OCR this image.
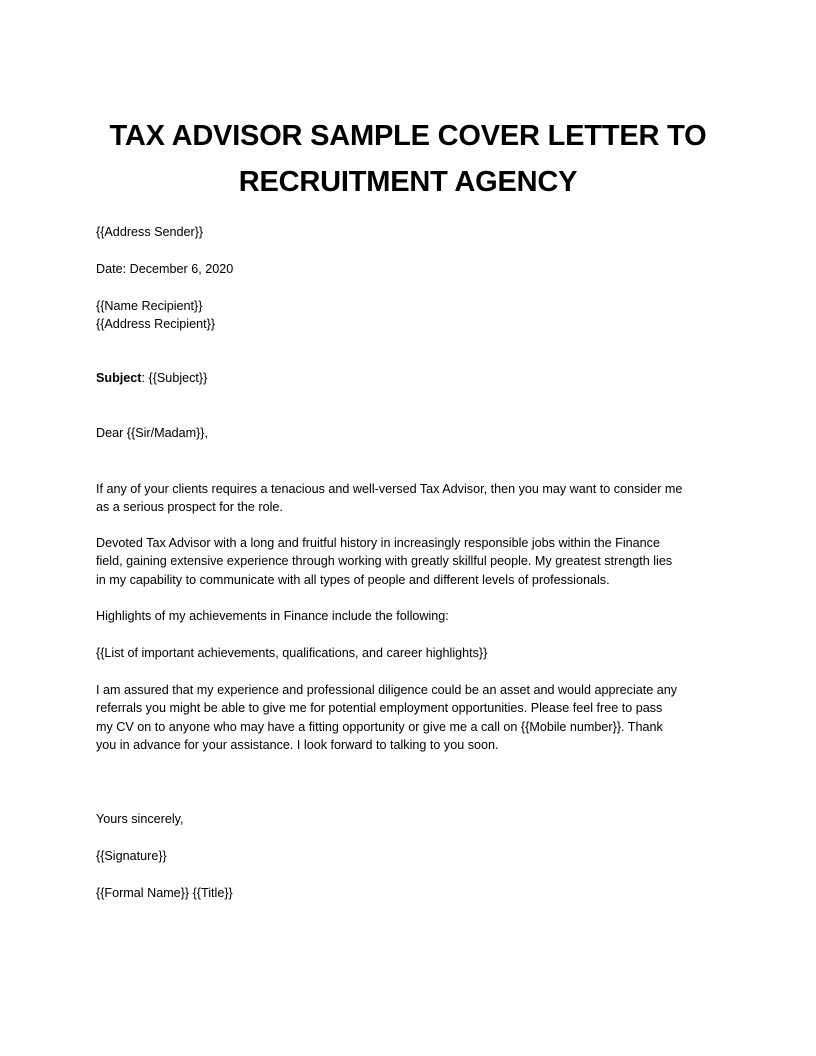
TAX ADVISOR SAMPLE COVER LETTER TO
RECRUITMENT AGENCY
{{Address Sender}}
Date: December 6, 2020
{{Name Recipient}}
{{Address Recipient}}
Subject: {{Subject}}
Dear {{Sir/Madam}},
If any of your clients requires a tenacious and well-versed Tax Advisor, then you may want to consider me
as a serious prospect for the role.
Devoted Tax Advisor with a long and fruitful history in increasingly responsible jobs within the Finance
field, gaining extensive experience through working with greatly skillful people. My greatest strength lies
in my capability to communicate with all types of people and different levels of professionals.
Highlights of my achievements in Finance include the following:
{{List of important achievements, qualifications, and career highlights}}
I am assured that my experience and professional diligence could be an asset and would appreciate any
referrals you might be able to give me for potential employment opportunities. Please feel free to pass
my CV on to anyone who may have a fitting opportunity or give me a call on {{Mobile number}}. Thank
you in advance for your assistance. I look forward to talking to you soon.
Yours sincerely,
{{Signature}}
{{Formal Name}} {{Title}}
